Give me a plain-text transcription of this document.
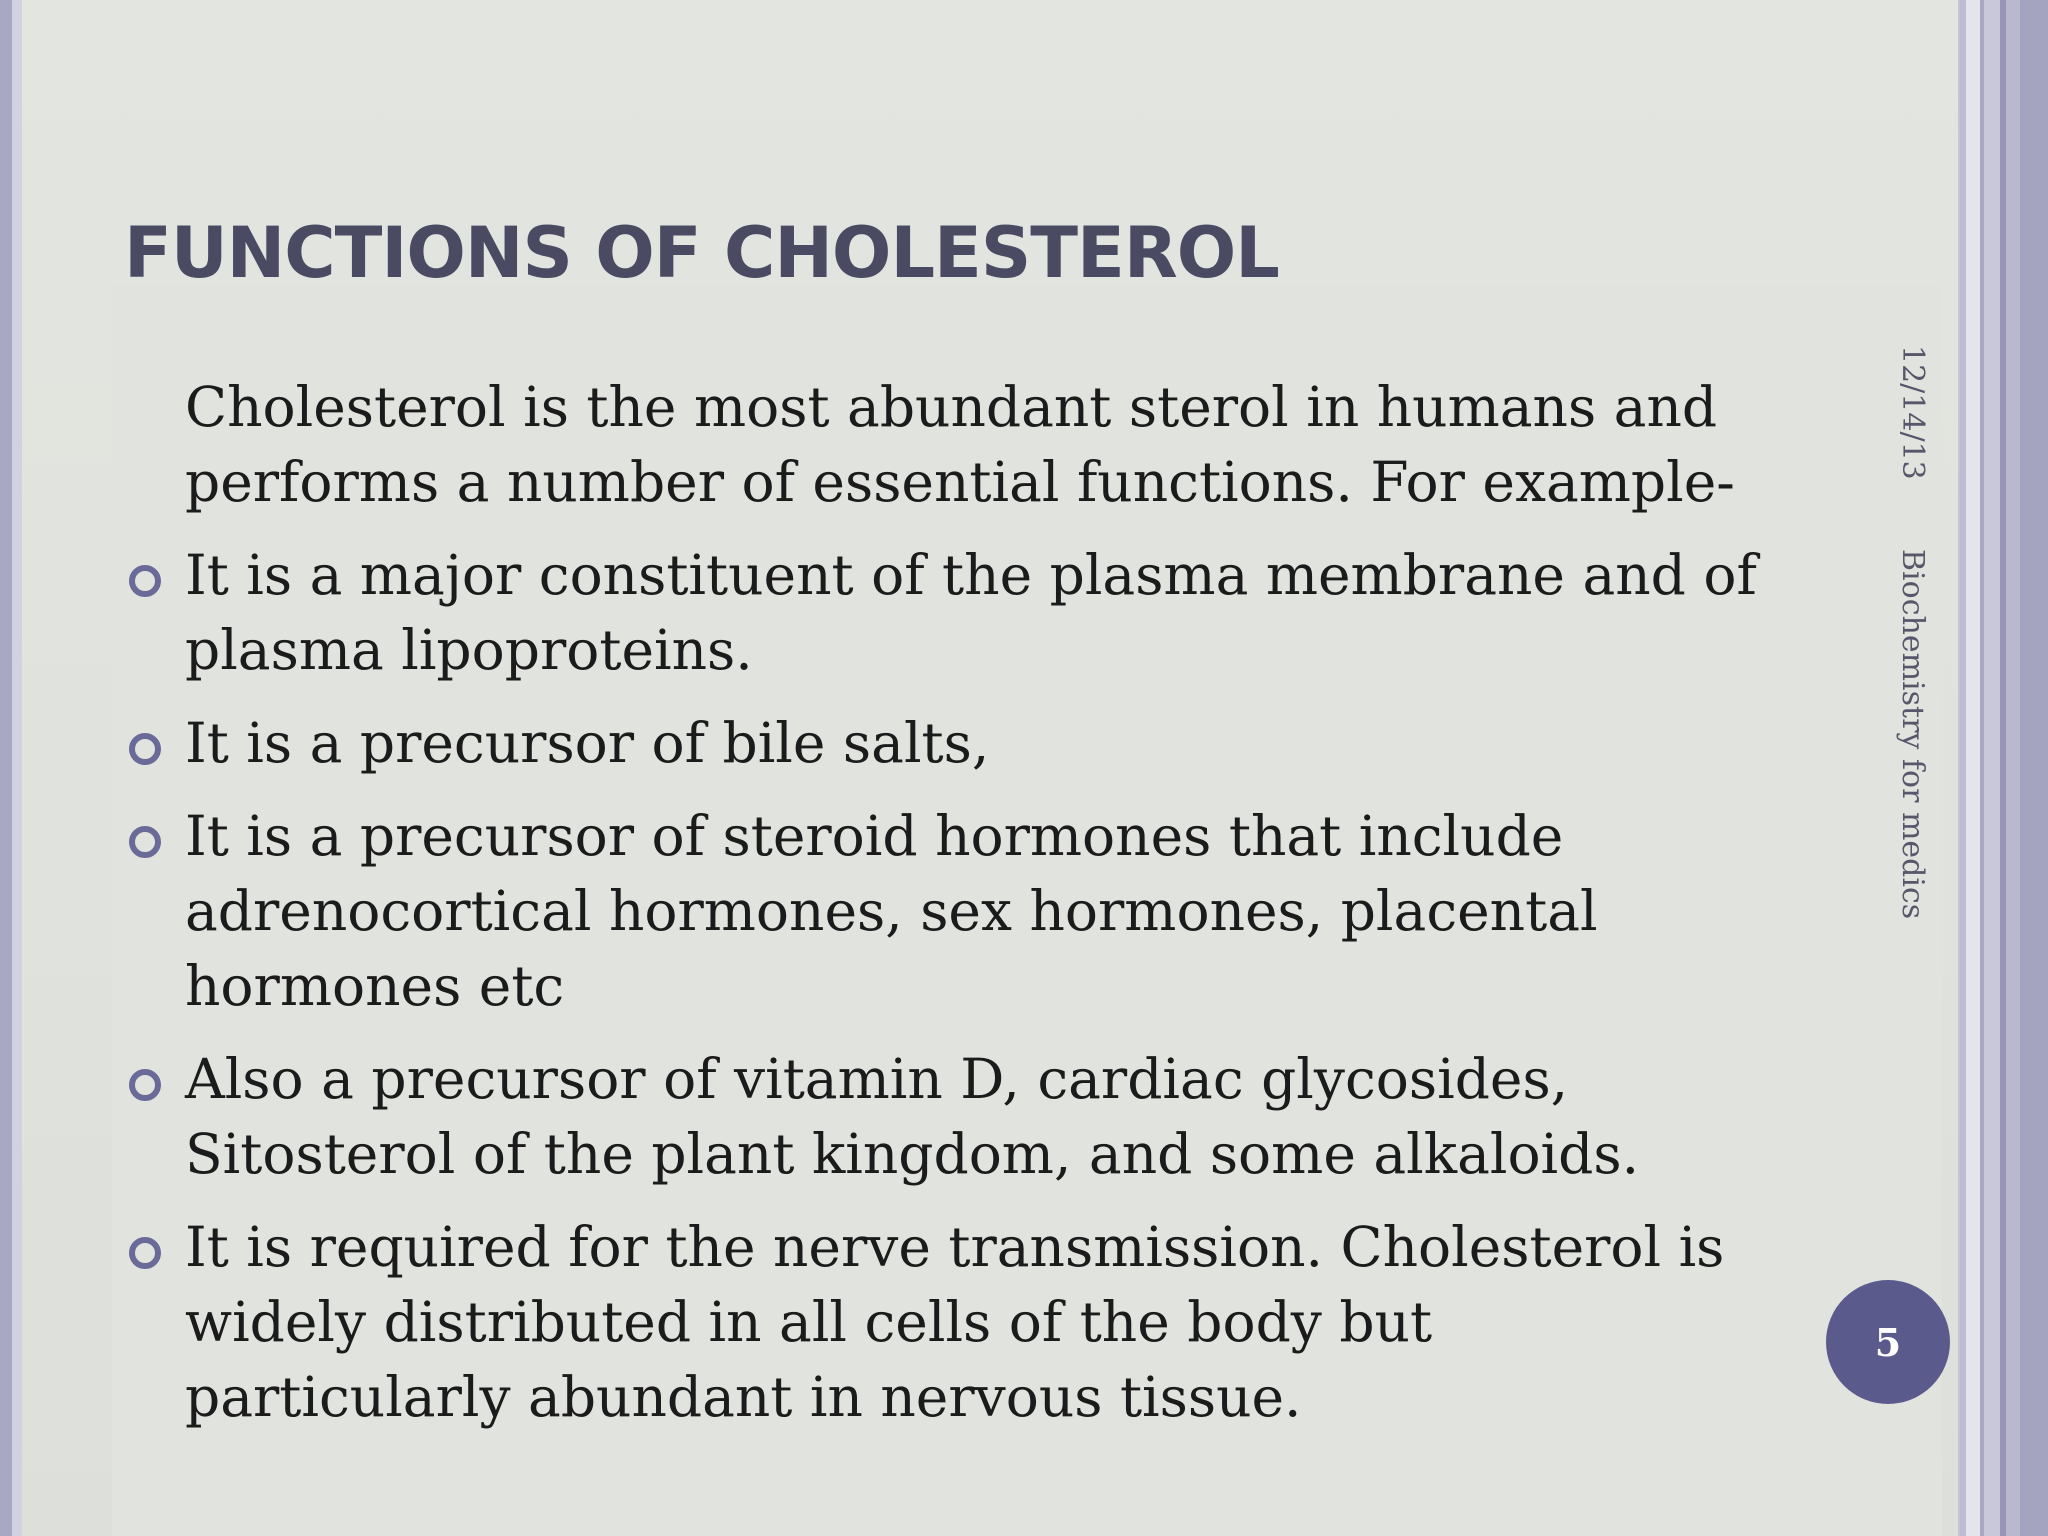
FUNCTIONS OF CHOLESTEROL
Cholesterol is the most abundant sterol in humans and performs a number of essential functions. For example-
It is a major constituent of the plasma membrane and of plasma lipoproteins.
It is a precursor of bile salts,
It is a precursor of steroid hormones that include adrenocortical hormones, sex hormones, placental hormones etc
Also a precursor of vitamin D, cardiac glycosides, Sitosterol of the plant kingdom, and some alkaloids.
It is required for the nerve transmission. Cholesterol is widely distributed in all cells of the body but particularly abundant in nervous tissue.
12/14/13  Biochemistry for medics
5
